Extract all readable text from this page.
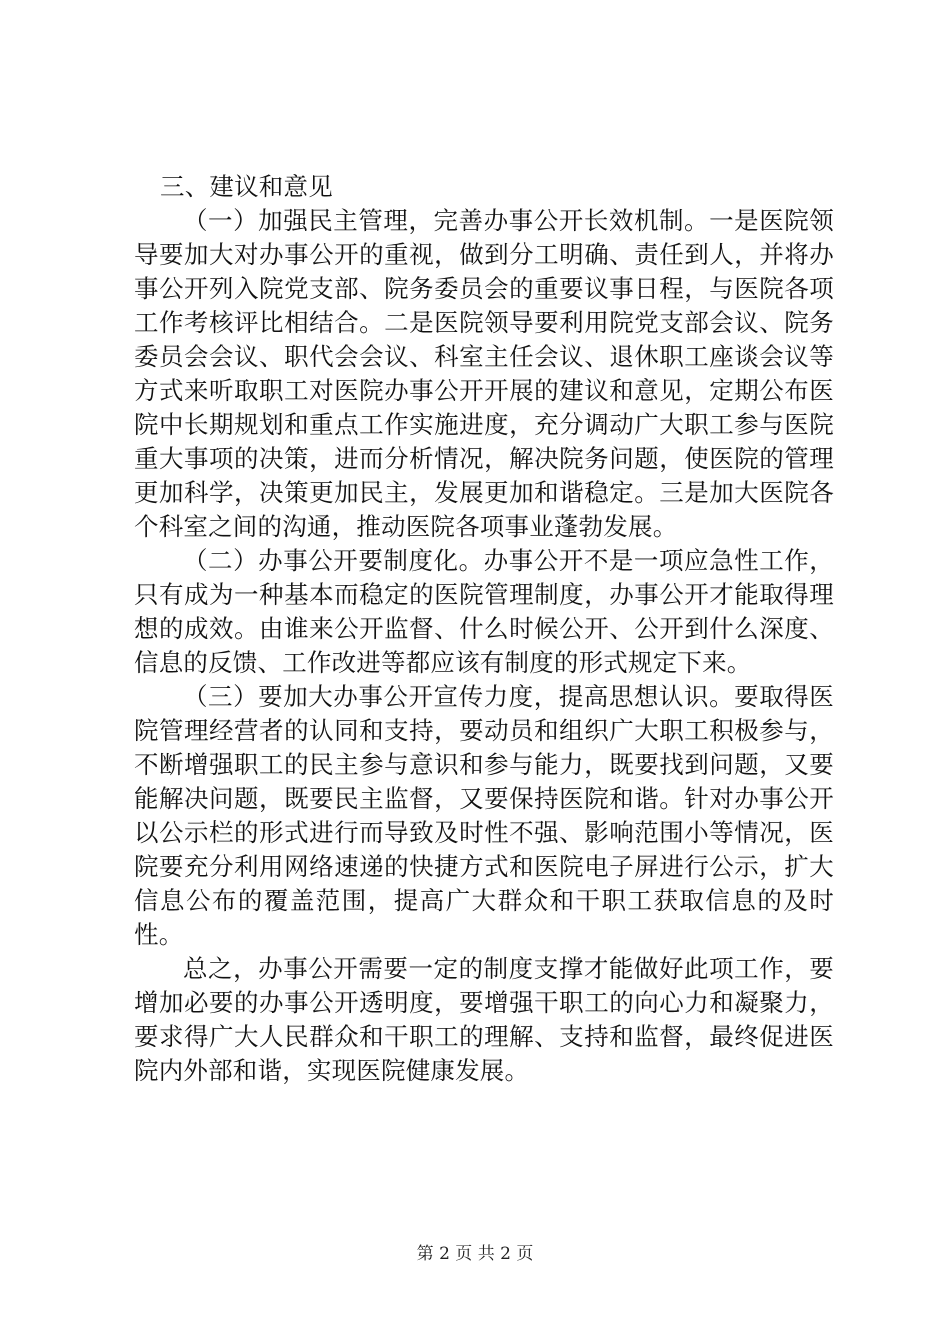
三、建议和意见

（一）加强民主管理，完善办事公开长效机制。一是医院领导要加大对办事公开的重视，做到分工明确、责任到人，并将办事公开列入院党支部、院务委员会的重要议事日程，与医院各项工作考核评比相结合。二是医院领导要利用院党支部会议、院务委员会会议、职代会会议、科室主任会议、退休职工座谈会议等方式来听取职工对医院办事公开开展的建议和意见，定期公布医院中长期规划和重点工作实施进度，充分调动广大职工参与医院重大事项的决策，进而分析情况，解决院务问题，使医院的管理更加科学，决策更加民主，发展更加和谐稳定。三是加大医院各个科室之间的沟通，推动医院各项事业蓬勃发展。

（二）办事公开要制度化。办事公开不是一项应急性工作，只有成为一种基本而稳定的医院管理制度，办事公开才能取得理想的成效。由谁来公开监督、什么时候公开、公开到什么深度、信息的反馈、工作改进等都应该有制度的形式规定下来。

（三）要加大办事公开宣传力度，提高思想认识。要取得医院管理经营者的认同和支持，要动员和组织广大职工积极参与，不断增强职工的民主参与意识和参与能力，既要找到问题，又要能解决问题，既要民主监督，又要保持医院和谐。针对办事公开以公示栏的形式进行而导致及时性不强、影响范围小等情况，医院要充分利用网络速递的快捷方式和医院电子屏进行公示，扩大信息公布的覆盖范围，提高广大群众和干职工获取信息的及时性。

总之，办事公开需要一定的制度支撑才能做好此项工作，要增加必要的办事公开透明度，要增强干职工的向心力和凝聚力，要求得广大人民群众和干职工的理解、支持和监督，最终促进医院内外部和谐，实现医院健康发展。

第 2 页 共 2 页
